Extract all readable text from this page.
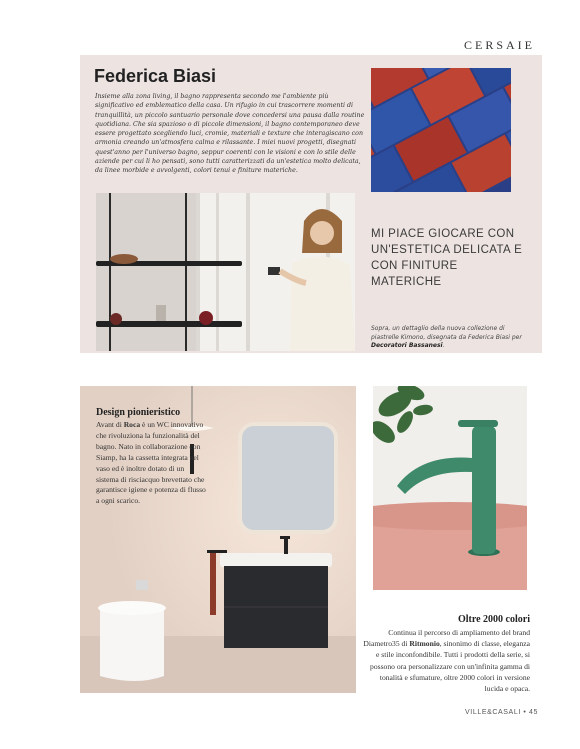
CERSAIE
Federica Biasi
Insieme alla zona living, il bagno rappresenta secondo me l'ambiente più significativo ed emblematico della casa. Un rifugio in cui trascorrere momenti di tranquillità, un piccolo santuario personale dove concedersi una pausa dalla routine quotidiana. Che sia spazioso o di piccole dimensioni, il bagno contemporaneo deve essere progettato scegliendo luci, cromie, materiali e texture che interagiscano con armonia creando un'atmosfera calma e rilassante. I miei nuovi progetti, disegnati quest'anno per l'universo bagno, seppur coerenti con le visioni e con lo stile delle aziende per cui li ho pensati, sono tutti caratterizzati da un'estetica molto delicata, da linee morbide e avvolgenti, colori tenui e finiture materiche.
MI PIACE GIOCARE CON UN'ESTETICA DELICATA E CON FINITURE MATERICHE
Sopra, un dettaglio della nuova collezione di piastrelle Kimono, disegnata da Federica Biasi per Decoratori Bassanesi.
Design pionieristico
Avant di Roca è un WC innovativo che rivoluziona la funzionalità del bagno. Nato in collaborazione con Siamp, ha la cassetta integrata nel vaso ed è inoltre dotato di un sistema di risciacquo brevettato che garantisce igiene e potenza di flusso a ogni scarico.
Oltre 2000 colori
Continua il percorso di ampliamento del brand Diametro35 di Ritmonio, sinonimo di classe, eleganza e stile inconfondibile. Tutti i prodotti della serie, si possono ora personalizzare con un'infinita gamma di tonalità e sfumature, oltre 2000 colori in versione lucida e opaca.
VILLE&CASALI • 45
